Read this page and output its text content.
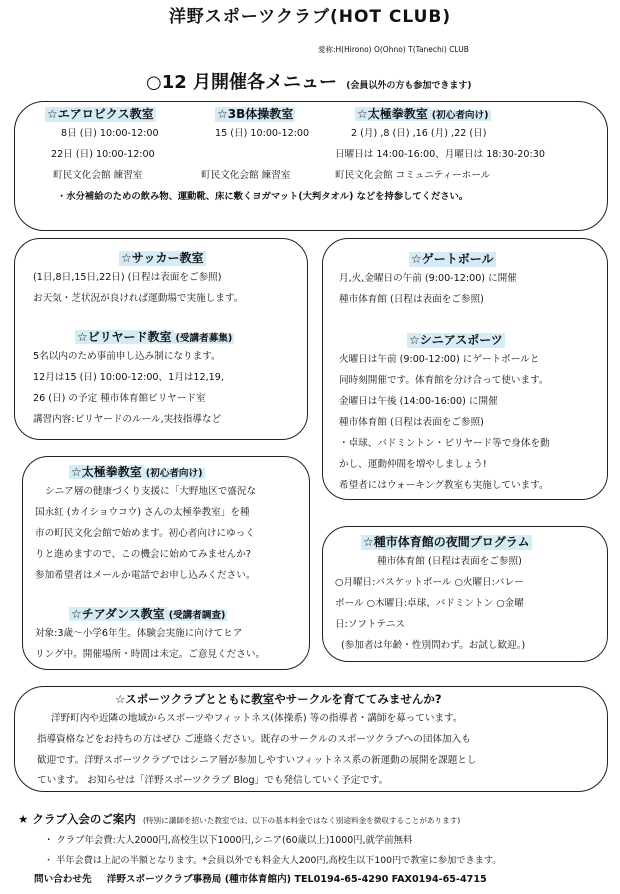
洋野スポーツクラブ(HOT CLUB)
愛称:H(Hirono) O(Ohno) T(Tanechi) CLUB
○12 月開催各メニュー (会員以外の方も参加できます)
☆エアロビクス教室
8日 (日) 10:00-12:00
22日 (日) 10:00-12:00
町民文化会館 練習室
☆3B体操教室
15 (日) 10:00-12:00
町民文化会館 練習室
☆太極拳教室 (初心者向け)
2 (月) ,8 (日) ,16 (月) ,22 (日)
日曜日は 14:00-16:00、月曜日は 18:30-20:30
町民文化会館 コミュニティーホール
・水分補給のための飲み物、運動靴、床に敷くヨガマット(大判タオル) などを持参してください。
☆サッカー教室
(1日,8日,15日,22日) (日程は表面をご参照)
お天気・芝状況が良ければ運動場で実施します。
☆ビリヤード教室 (受講者募集)
5名以内のため事前申し込み制になります。
12月は15 (日) 10:00-12:00、1月は12,19,
26 (日) の予定 種市体育館ビリヤード室
講習内容:ビリヤードのルール,実技指導など
☆ゲートボール
月,火,金曜日の午前 (9:00-12:00) に開催
種市体育館 (日程は表面をご参照)
☆シニアスポーツ
火曜日は午前 (9:00-12:00) にゲートボールと
同時刻開催です。体育館を分け合って使います。
金曜日は午後 (14:00-16:00) に開催
種市体育館 (日程は表面をご参照)
・卓球、バドミントン・ビリヤード等で身体を動
かし、運動仲間を増やしましょう!
希望者にはウォーキング教室も実施しています。
☆太極拳教室 (初心者向け)
シニア層の健康づくり支援に「大野地区で盛況な
国永紅 (カイショウコウ) さんの太極拳教室」を種
市の町民文化会館で始めます。初心者向けにゆっく
りと進めますので、この機会に始めてみませんか?
参加希望者はメールか電話でお申し込みください。
☆チアダンス教室 (受講者調査)
対象:3歳～小学6年生。体験会実施に向けてヒア
リング中。開催場所・時間は未定。ご意見ください。
☆種市体育館の夜間プログラム
種市体育館 (日程は表面をご参照)
○月曜日:バスケットボール ○火曜日:バレー
ボール ○木曜日:卓球、バドミントン ○金曜
日:ソフトテニス
(参加者は年齢・性別問わず。お試し歓迎。)
☆スポーツクラブとともに教室やサークルを育ててみませんか?
洋野町内や近隣の地域からスポーツやフィットネス(体操系) 等の指導者・講師を募っています。
指導資格などをお持ちの方はぜひ ご連絡ください。既存のサークルのスポーツクラブへの団体加入も
歓迎です。洋野スポーツクラブではシニア層が参加しやすいフィットネス系の新運動の展開を課題とし
ています。 お知らせは「洋野スポーツクラブ Blog」でも発信していく予定です。
★ クラブ入会のご案内 (特別に講師を招いた教室では、以下の基本料金ではなく別途料金を徴収することがあります)
・ クラブ年会費:大人2000円,高校生以下1000円,シニア(60歳以上)1000円,就学前無料
・ 半年会費は上記の半額となります。*会員以外でも料金大人200円,高校生以下100円で教室に参加できます。
問い合わせ先 洋野スポーツクラブ事務局 (種市体育館内) TEL0194-65-4290 FAX0194-65-4715
